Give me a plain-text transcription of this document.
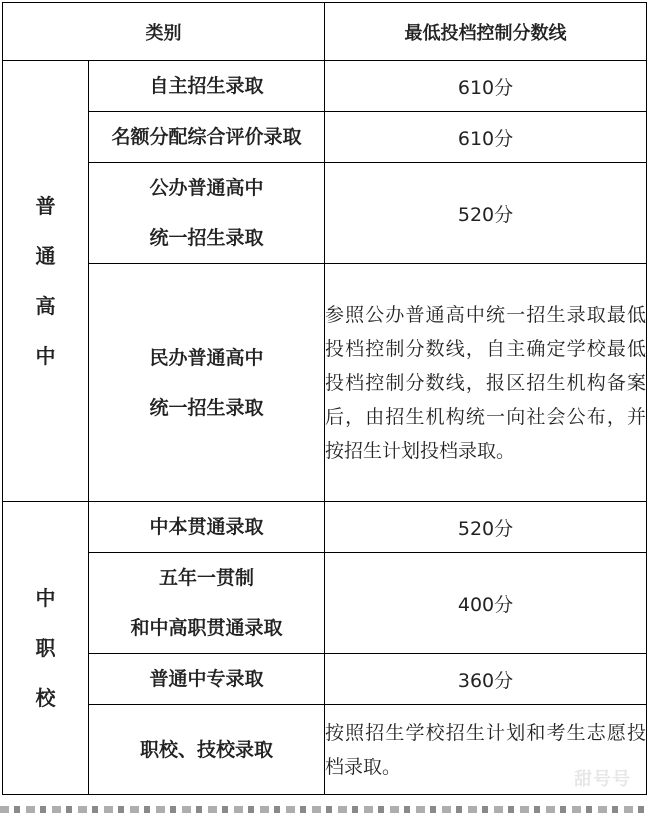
类别		最低投档控制分数线

普
通
高
中	自主招生录取	610分

	名额分配综合评价录取	610分

	公办普通高中
统一招生录取	520分

	民办普通高中
统一招生录取	参照公办普通高中统一招生录取最低投档控制分数线，自主确定学校最低投档控制分数线，报区招生机构备案后，由招生机构统一向社会公布，并按招生计划投档录取。

中
职
校	中本贯通录取	520分

	五年一贯制
和中高职贯通录取	400分

	普通中专录取	360分

	职校、技校录取	按照招生学校招生计划和考生志愿投档录取。
甜号号
